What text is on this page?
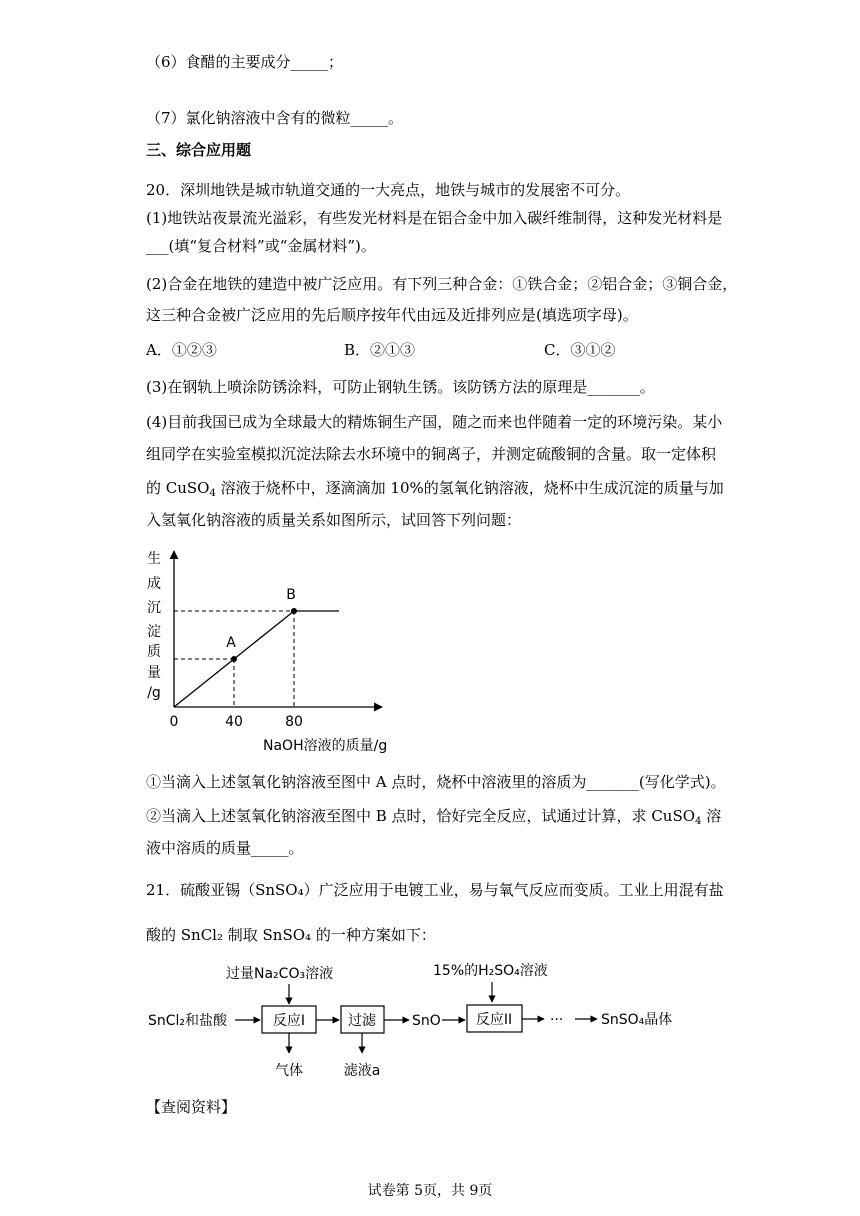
（6）食醋的主要成分_____；
（7）氯化钠溶液中含有的微粒_____。
三、综合应用题
20．深圳地铁是城市轨道交通的一大亮点，地铁与城市的发展密不可分。
(1)地铁站夜景流光溢彩，有些发光材料是在铝合金中加入碳纤维制得，这种发光材料是
___(填“复合材料”或“金属材料”)。
(2)合金在地铁的建造中被广泛应用。有下列三种合金：①铁合金；②铝合金；③铜合金，
这三种合金被广泛应用的先后顺序按年代由远及近排列应是(填选项字母)。
A．①②③	B．②①③	C．③①②
(3)在钢轨上喷涂防锈涂料，可防止钢轨生锈。该防锈方法的原理是_______。
(4)目前我国已成为全球最大的精炼铜生产国，随之而来也伴随着一定的环境污染。某小
组同学在实验室模拟沉淀法除去水环境中的铜离子，并测定硫酸铜的含量。取一定体积
的 CuSO$_4$ 溶液于烧杯中，逐滴滴加 10%的氢氧化钠溶液，烧杯中生成沉淀的质量与加
入氢氧化钠溶液的质量关系如图所示，试回答下列问题：
生
成
沉
淀
质
量
/g
A
B
0	40	80
NaOH溶液的质量/g
①当滴入上述氢氧化钠溶液至图中 A 点时，烧杯中溶液里的溶质为_______(写化学式)。
②当滴入上述氢氧化钠溶液至图中 B 点时，恰好完全反应，试通过计算，求 CuSO$_4$ 溶
液中溶质的质量_____。
21．硫酸亚锡（SnSO₄）广泛应用于电镀工业，易与氧气反应而变质。工业上用混有盐
酸的 SnCl₂ 制取 SnSO₄ 的一种方案如下：
SnCl₂和盐酸
过量Na₂CO₃溶液
反应I
气体
过滤
滤液a
SnO
15%的H₂SO₄溶液
反应II	···	SnSO₄晶体
【查阅资料】
试卷第 5页，共 9页
